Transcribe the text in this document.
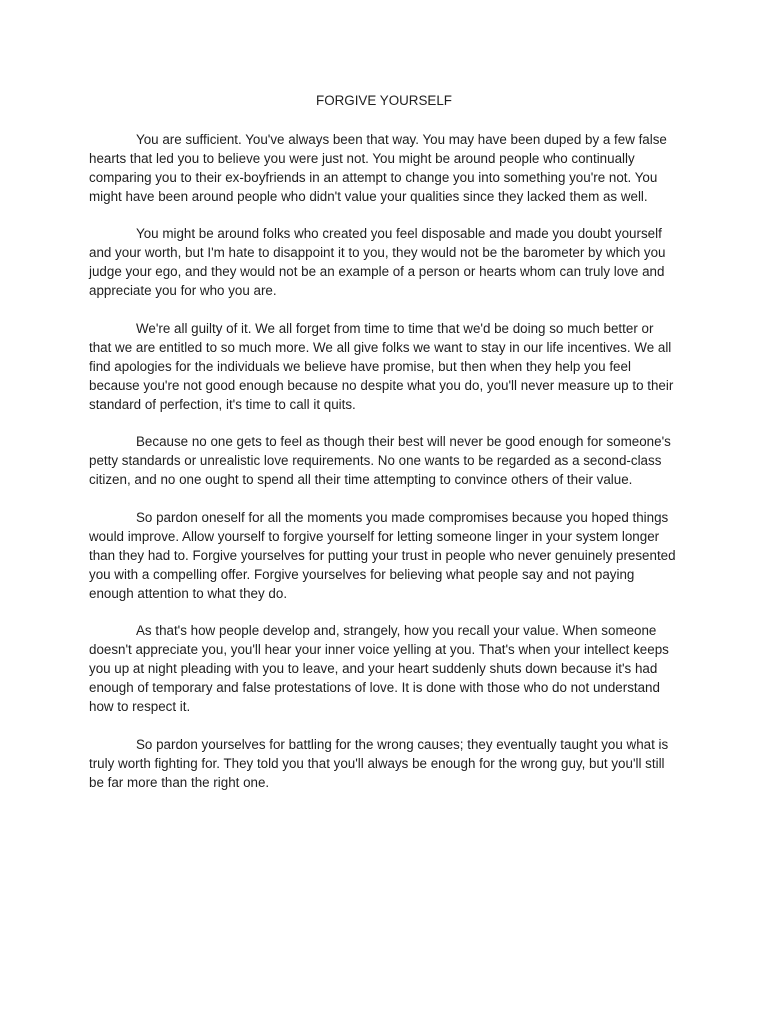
FORGIVE YOURSELF

You are sufficient. You've always been that way. You may have been duped by a few false hearts that led you to believe you were just not. You might be around people who continually comparing you to their ex-boyfriends in an attempt to change you into something you're not. You might have been around people who didn't value your qualities since they lacked them as well.

You might be around folks who created you feel disposable and made you doubt yourself and your worth, but I'm hate to disappoint it to you, they would not be the barometer by which you judge your ego, and they would not be an example of a person or hearts whom can truly love and appreciate you for who you are.

We're all guilty of it. We all forget from time to time that we'd be doing so much better or that we are entitled to so much more. We all give folks we want to stay in our life incentives. We all find apologies for the individuals we believe have promise, but then when they help you feel because you're not good enough because no despite what you do, you'll never measure up to their standard of perfection, it's time to call it quits.

Because no one gets to feel as though their best will never be good enough for someone's petty standards or unrealistic love requirements. No one wants to be regarded as a second-class citizen, and no one ought to spend all their time attempting to convince others of their value.

So pardon oneself for all the moments you made compromises because you hoped things would improve. Allow yourself to forgive yourself for letting someone linger in your system longer than they had to. Forgive yourselves for putting your trust in people who never genuinely presented you with a compelling offer. Forgive yourselves for believing what people say and not paying enough attention to what they do.

As that's how people develop and, strangely, how you recall your value. When someone doesn't appreciate you, you'll hear your inner voice yelling at you. That's when your intellect keeps you up at night pleading with you to leave, and your heart suddenly shuts down because it's had enough of temporary and false protestations of love. It is done with those who do not understand how to respect it.

So pardon yourselves for battling for the wrong causes; they eventually taught you what is truly worth fighting for. They told you that you'll always be enough for the wrong guy, but you'll still be far more than the right one.
